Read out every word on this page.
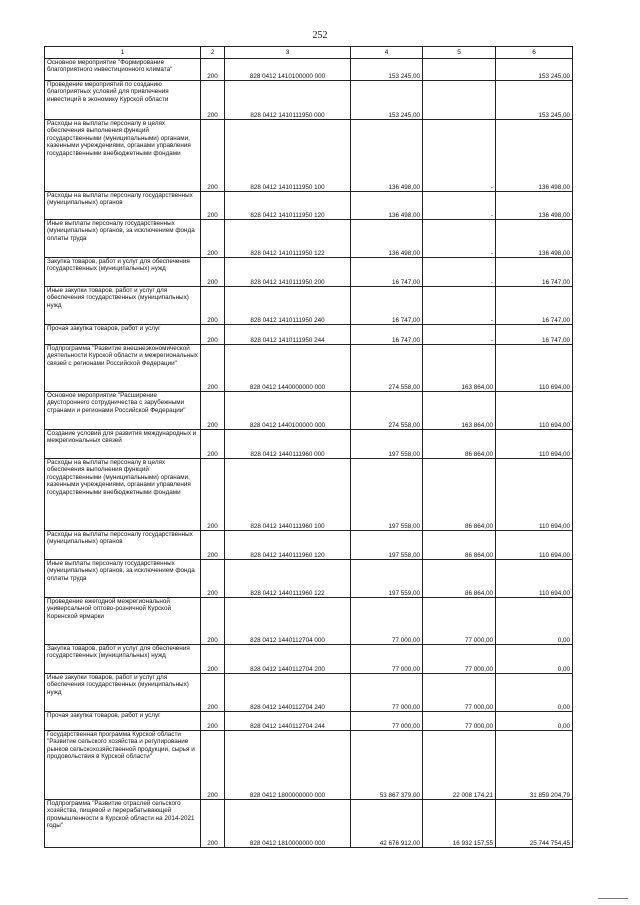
252
1	2	3	4	5	6
Основное мероприятие "Формирование благоприятного инвестиционного климата"	200	828 0412 1410100000 000	153 245,00		153 245,00
Проведение мероприятий по созданию благоприятных условий для привлечения инвестиций в экономику Курской области	200	828 0412 1410111950 000	153 245,00		153 245,00
Расходы на выплаты персоналу в целях обеспечения выполнения функций государственными (муниципальными) органами, казенными учреждениями, органами управления государственными внебюджетными фондами	200	828 0412 1410111950 100	136 498,00	-	136 498,00
Расходы на выплаты персоналу государственных (муниципальных) органов	200	828 0412 1410111950 120	136 498,00	-	136 498,00
Иные выплаты персоналу государственных (муниципальных) органов, за исключением фонда оплаты труда	200	828 0412 1410111950 122	136 498,00	-	136 498,00
Закупка товаров, работ и услуг для обеспечения государственных (муниципальных) нужд	200	828 0412 1410111950 200	16 747,00	-	16 747,00
Иные закупки товаров, работ и услуг для обеспечения государственных (муниципальных) нужд	200	828 0412 1410111950 240	16 747,00	-	16 747,00
Прочая закупка товаров, работ и услуг	200	828 0412 1410111950 244	16 747,00	-	16 747,00
Подпрограмма "Развитие внешнеэкономической деятельности Курской области и межрегиональных связей с регионами Российской Федерации"	200	828 0412 1440000000 000	274 558,00	163 864,00	110 694,00
Основное мероприятие "Расширение двустороннего сотрудничества с зарубежными странами и регионами Российской Федерации"	200	828 0412 1440100000 000	274 558,00	163 864,00	110 694,00
Создание условий для развития международных и межрегиональных связей	200	828 0412 1440111960 000	197 558,00	86 864,00	110 694,00
Расходы на выплаты персоналу в целях обеспечения выполнения функций государственными (муниципальными) органами, казенными учреждениями, органами управления государственными внебюджетными фондами	200	828 0412 1440111960 100	197 558,00	86 864,00	110 694,00
Расходы на выплаты персоналу государственных (муниципальных) органов	200	828 0412 1440111960 120	197 558,00	86 864,00	110 694,00
Иные выплаты персоналу государственных (муниципальных) органов, за исключением фонда оплаты труда	200	828 0412 1440111960 122	197 559,00	86 864,00	110 694,00
Проведение ежегодной межрегиональной универсальной оптово-розничной Курской Коренской ярмарки	200	828 0412 1440112704 000	77 000,00	77 000,00	0,00
Закупка товаров, работ и услуг для обеспечения государственных (муниципальных) нужд	200	828 0412 1440112704 200	77 000,00	77 000,00	0,00
Иные закупки товаров, работ и услуг для обеспечения государственных (муниципальных) нужд	200	828 0412 1440112704 240	77 000,00	77 000,00	0,00
Прочая закупка товаров, работ и услуг	200	828 0412 1440112704 244	77 000,00	77 000,00	0,00
Государственная программа Курской области "Развитие сельского хозяйства и регулирование рынков сельскохозяйственной продукции, сырья и продовольствия в Курской области"	200	828 0412 1800000000 000	53 867 379,00	22 008 174,21	31 859 204,79
Подпрограмма "Развитие отраслей сельского хозяйства, пищевой и перерабатывающей промышленности в Курской области на 2014-2021 годы"	200	828 0412 1810000000 000	42 676 912,00	16 932 157,55	25 744 754,45
